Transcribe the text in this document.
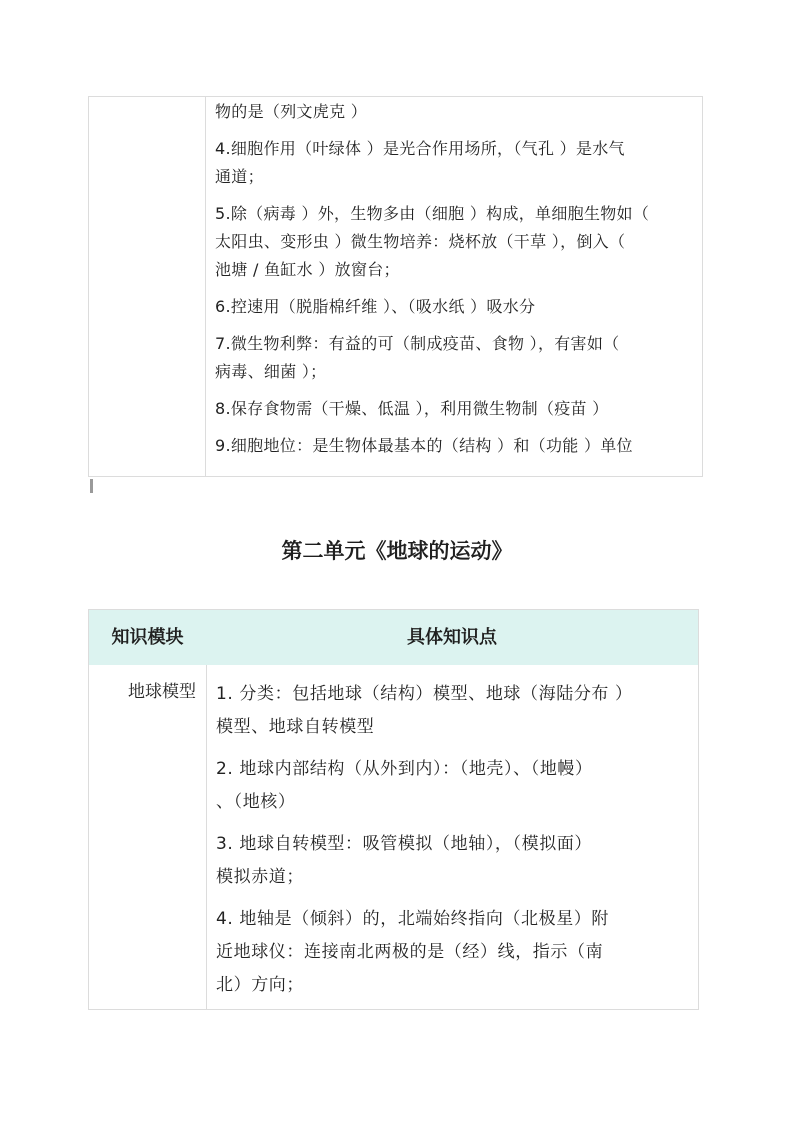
物的是（列文虎克 ）

4.细胞作用（叶绿体 ）是光合作用场所，（气孔 ）是水气

通道；

5.除（病毒 ）外，生物多由（细胞 ）构成，单细胞生物如（

太阳虫、变形虫 ）微生物培养：烧杯放（干草 ），倒入（

池塘 / 鱼缸水 ）放窗台；

6.控速用（脱脂棉纤维 ）、（吸水纸 ）吸水分

7.微生物利弊：有益的可（制成疫苗、食物 ），有害如（

病毒、细菌 ）；

8.保存食物需（干燥、低温 ），利用微生物制（疫苗 ）

9.细胞地位：是生物体最基本的（结构 ）和（功能 ）单位

第二单元《地球的运动》

知识模块	具体知识点

地球模型	1. 分类：包括地球（结构）模型、地球（海陆分布 ）

模型、地球自转模型

2. 地球内部结构（从外到内）：（地壳）、（地幔）

、（地核）

3. 地球自转模型：吸管模拟（地轴），（模拟面）

模拟赤道；

4. 地轴是（倾斜）的，北端始终指向（北极星）附

近地球仪：连接南北两极的是（经）线，指示（南

北）方向；
